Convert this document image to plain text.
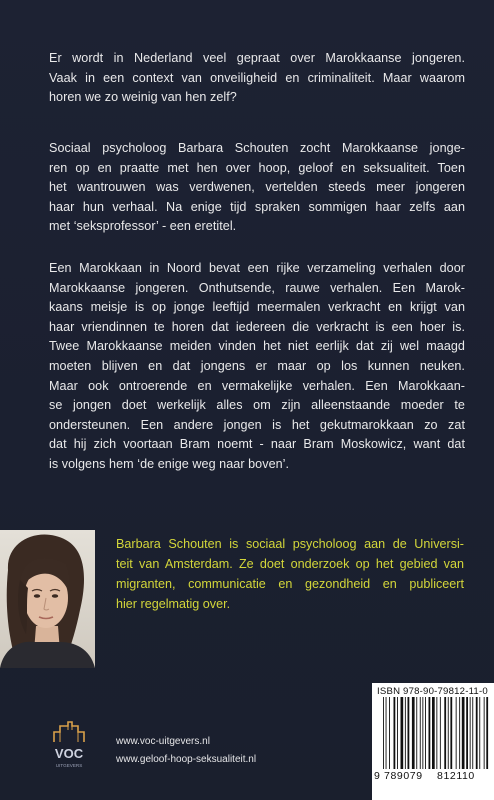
Er wordt in Nederland veel gepraat over Marokkaanse jongeren.
Vaak in een context van onveiligheid en criminaliteit. Maar waarom
horen we zo weinig van hen zelf?
Sociaal psycholoog Barbara Schouten zocht Marokkaanse jonge-
ren op en praatte met hen over hoop, geloof en seksualiteit. Toen
het wantrouwen was verdwenen, vertelden steeds meer jongeren
haar hun verhaal. Na enige tijd spraken sommigen haar zelfs aan
met ‘seksprofessor’ - een eretitel.
Een Marokkaan in Noord bevat een rijke verzameling verhalen door
Marokkaanse jongeren. Onthutsende, rauwe verhalen. Een Marok-
kaans meisje is op jonge leeftijd meermalen verkracht en krijgt van
haar vriendinnen te horen dat iedereen die verkracht is een hoer is.
Twee Marokkaanse meiden vinden het niet eerlijk dat zij wel maagd
moeten blijven en dat jongens er maar op los kunnen neuken.
Maar ook ontroerende en vermakelijke verhalen. Een Marokkaan-
se jongen doet werkelijk alles om zijn alleenstaande moeder te
ondersteunen. Een andere jongen is het gekutmarokkaan zo zat
dat hij zich voortaan Bram noemt - naar Bram Moskowicz, want dat
is volgens hem ‘de enige weg naar boven’.
Barbara Schouten is sociaal psycholoog aan de Universi-
teit van Amsterdam. Ze doet onderzoek op het gebied van
migranten, communicatie en gezondheid en publiceert
hier regelmatig over.
VOC
UITGEVERS
www.voc-uitgevers.nl
www.geloof-hoop-seksualiteit.nl
ISBN 978-90-79812-11-0
9 789079 812110
